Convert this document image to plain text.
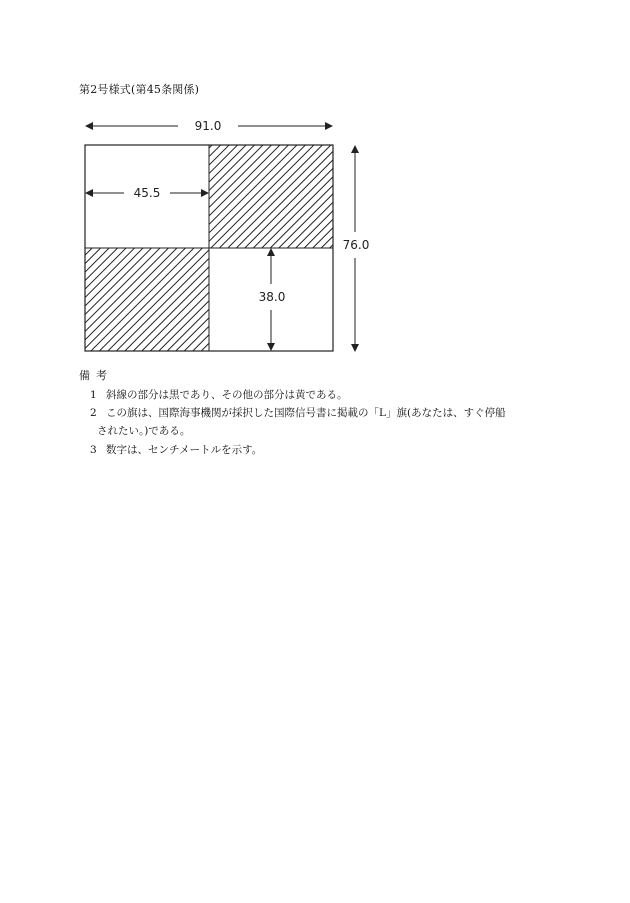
第2号様式(第45条関係)
91.0
45.5
76.0
38.0
備考
1 斜線の部分は黒であり、その他の部分は黄である。
2 この旗は、国際海事機関が採択した国際信号書に掲載の「L」旗(あなたは、すぐ停船
されたい。)である。
3 数字は、センチメートルを示す。
